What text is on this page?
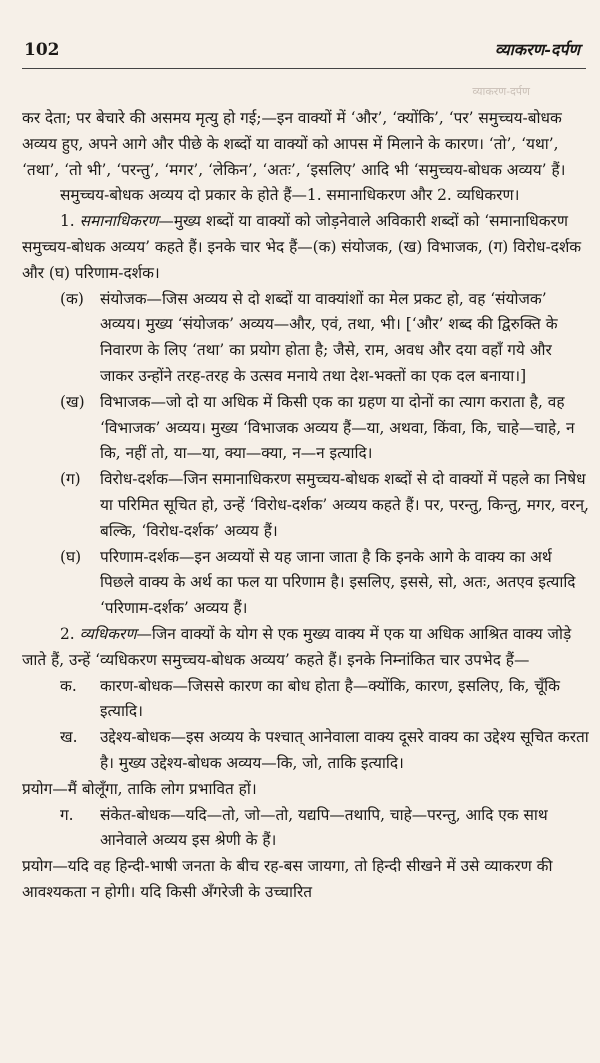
102	व्याकरण-दर्पण
व्याकरण-दर्पण

कर देता; पर बेचारे की असमय मृत्यु हो गई;—इन वाक्यों में ‘और’, ‘क्योंकि’, ‘पर’ समुच्चय-बोधक अव्यय हुए, अपने आगे और पीछे के शब्दों या वाक्यों को आपस में मिलाने के कारण। ‘तो’, ‘यथा’, ‘तथा’, ‘तो भी’, ‘परन्तु’, ‘मगर’, ‘लेकिन’, ‘अतः’, ‘इसलिए’ आदि भी ‘समुच्चय-बोधक अव्यय’ हैं।

समुच्चय-बोधक अव्यय दो प्रकार के होते हैं—1. समानाधिकरण और 2. व्यधिकरण।

1. समानाधिकरण—मुख्य शब्दों या वाक्यों को जोड़नेवाले अविकारी शब्दों को ‘समानाधिकरण समुच्चय-बोधक अव्यय’ कहते हैं। इनके चार भेद हैं—(क) संयोजक, (ख) विभाजक, (ग) विरोध-दर्शक और (घ) परिणाम-दर्शक।

(क)	संयोजक—जिस अव्यय से दो शब्दों या वाक्यांशों का मेल प्रकट हो, वह ‘संयोजक’ अव्यय। मुख्य ‘संयोजक’ अव्यय—और, एवं, तथा, भी। [‘और’ शब्द की द्विरुक्ति के निवारण के लिए ‘तथा’ का प्रयोग होता है; जैसे, राम, अवध और दया वहाँ गये और जाकर उन्होंने तरह-तरह के उत्सव मनाये तथा देश-भक्तों का एक दल बनाया।]
(ख) विभाजक—जो दो या अधिक में किसी एक का ग्रहण या दोनों का त्याग कराता है, वह ‘विभाजक’ अव्यय। मुख्य ‘विभाजक अव्यय हैं—या, अथवा, किंवा, कि, चाहे—चाहे, न कि, नहीं तो, या—या, क्या—क्या, न—न इत्यादि।
(ग)	विरोध-दर्शक—जिन समानाधिकरण समुच्चय-बोधक शब्दों से दो वाक्यों में पहले का निषेध या परिमित सूचित हो, उन्हें ‘विरोध-दर्शक’ अव्यय कहते हैं। पर, परन्तु, किन्तु, मगर, वरन्, बल्कि, ‘विरोध-दर्शक’ अव्यय हैं।
(घ)	परिणाम-दर्शक—इन अव्ययों से यह जाना जाता है कि इनके आगे के वाक्य का अर्थ पिछले वाक्य के अर्थ का फल या परिणाम है। इसलिए, इससे, सो, अतः, अतएव इत्यादि ‘परिणाम-दर्शक’ अव्यय हैं।

2. व्यधिकरण—जिन वाक्यों के योग से एक मुख्य वाक्य में एक या अधिक आश्रित वाक्य जोड़े जाते हैं, उन्हें ‘व्यधिकरण समुच्चय-बोधक अव्यय’ कहते हैं। इनके निम्नांकित चार उपभेद हैं—

क.	कारण-बोधक—जिससे कारण का बोध होता है—क्योंकि, कारण, इसलिए, कि, चूँकि इत्यादि।
ख.	उद्देश्य-बोधक—इस अव्यय के पश्चात् आनेवाला वाक्य दूसरे वाक्य का उद्देश्य सूचित करता है। मुख्य उद्देश्य-बोधक अव्यय—कि, जो, ताकि इत्यादि।

प्रयोग—मैं बोलूँगा, ताकि लोग प्रभावित हों।

ग.	संकेत-बोधक—यदि—तो, जो—तो, यद्यपि—तथापि, चाहे—परन्तु, आदि एक साथ आनेवाले अव्यय इस श्रेणी के हैं।

प्रयोग—यदि वह हिन्दी-भाषी जनता के बीच रह-बस जायगा, तो हिन्दी सीखने में उसे व्याकरण की आवश्यकता न होगी। यदि किसी अँगरेजी के उच्चारित
